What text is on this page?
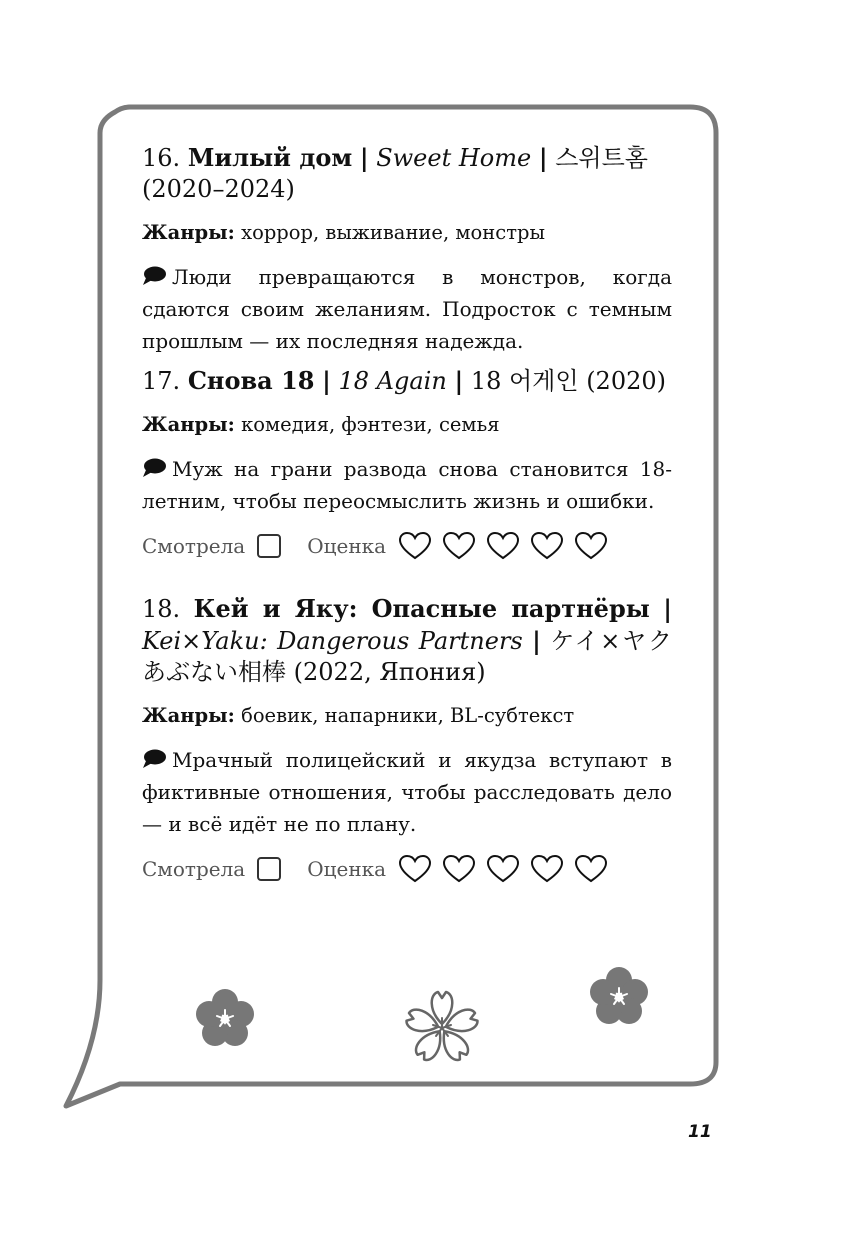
16. Милый дом | Sweet Home | 스위트홈 (2020–2024)
Жанры: хоррор, выживание, монстры
Люди превращаются в монстров, когда сдаются своим желаниям. Подросток с темным прошлым — их последняя надежда.
17. Снова 18 | 18 Again | 18 어게인 (2020)
Жанры: комедия, фэнтези, семья
Муж на грани развода снова становится 18-летним, чтобы переосмыслить жизнь и ошибки.
Смотрела	Оценка
18. Кей и Яку: Опасные партнёры | Kei×Yaku: Dangerous Partners | ケイ×ヤク あぶない相棒 (2022, Япония)
Жанры: боевик, напарники, BL-субтекст
Мрачный полицейский и якудза вступают в фиктивные отношения, чтобы расследовать дело — и всё идёт не по плану.
Смотрела	Оценка
11
